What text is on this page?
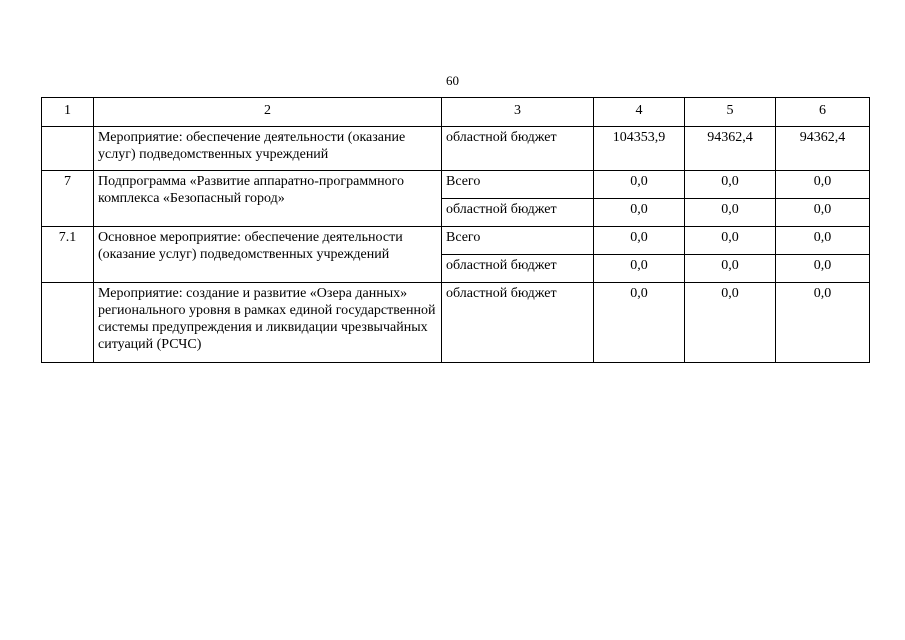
60
1	2	3	4	5	6
	Мероприятие: обеспечение деятельности (оказание услуг) подведомственных учреждений	областной бюджет	104353,9	94362,4	94362,4
7	Подпрограмма «Развитие аппаратно-программного комплекса «Безопасный город»	Всего	0,0	0,0	0,0
		областной бюджет	0,0	0,0	0,0
7.1	Основное мероприятие: обеспечение деятельности (оказание услуг) подведомственных учреждений	Всего	0,0	0,0	0,0
		областной бюджет	0,0	0,0	0,0
	Мероприятие: создание и развитие «Озера данных» регионального уровня в рамках единой государственной системы предупреждения и ликвидации чрезвычайных ситуаций (РСЧС)	областной бюджет	0,0	0,0	0,0
